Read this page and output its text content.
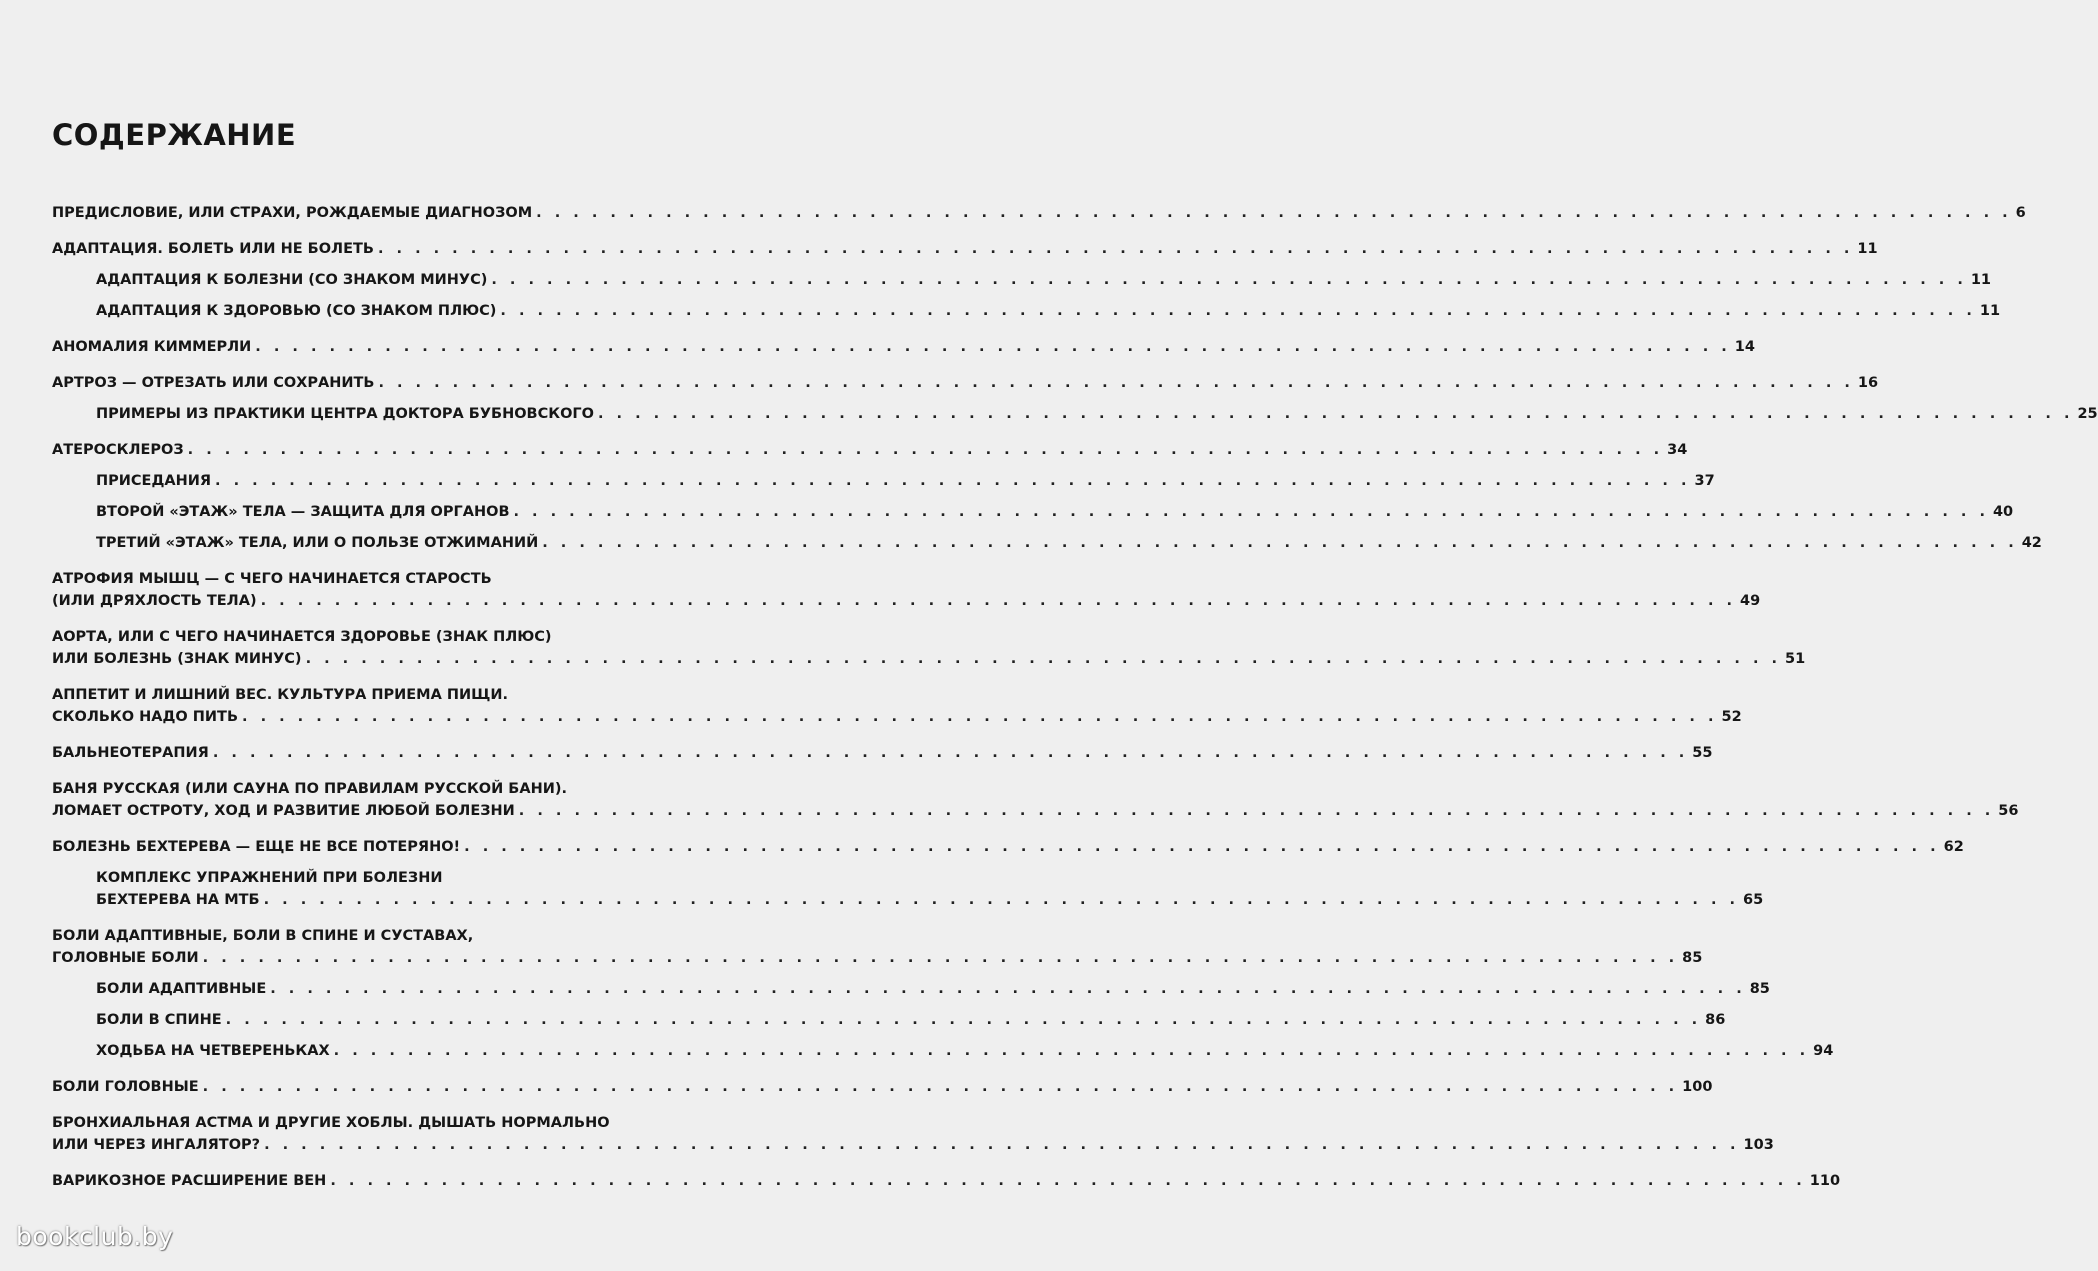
СОДЕРЖАНИЕ
ПРЕДИСЛОВИЕ, ИЛИ СТРАХИ, РОЖДАЕМЫЕ ДИАГНОЗОМ . . . . . . . . . . . . . . . . . . . . . . . . . . . . . . . . . . . . . . . . . . . . . . . . . . . . . . . . . . . . . . . . . . . . . . . . . . . . . . . . 6
АДАПТАЦИЯ. БОЛЕТЬ ИЛИ НЕ БОЛЕТЬ . . . . . . . . . . . . . . . . . . . . . . . . . . . . . . . . . . . . . . . . . . . . . . . . . . . . . . . . . . . . . . . . . . . . . . . . . . . . . . . . 11
АДАПТАЦИЯ К БОЛЕЗНИ (СО ЗНАКОМ МИНУС) . . . . . . . . . . . . . . . . . . . . . . . . . . . . . . . . . . . . . . . . . . . . . . . . . . . . . . . . . . . . . . . . . . . . . . . . . . . . . . . . 11
АДАПТАЦИЯ К ЗДОРОВЬЮ (СО ЗНАКОМ ПЛЮС) . . . . . . . . . . . . . . . . . . . . . . . . . . . . . . . . . . . . . . . . . . . . . . . . . . . . . . . . . . . . . . . . . . . . . . . . . . . . . . . . 11
АНОМАЛИЯ КИММЕРЛИ . . . . . . . . . . . . . . . . . . . . . . . . . . . . . . . . . . . . . . . . . . . . . . . . . . . . . . . . . . . . . . . . . . . . . . . . . . . . . . . . 14
АРТРОЗ — ОТРЕЗАТЬ ИЛИ СОХРАНИТЬ . . . . . . . . . . . . . . . . . . . . . . . . . . . . . . . . . . . . . . . . . . . . . . . . . . . . . . . . . . . . . . . . . . . . . . . . . . . . . . . . 16
ПРИМЕРЫ ИЗ ПРАКТИКИ ЦЕНТРА ДОКТОРА БУБНОВСКОГО . . . . . . . . . . . . . . . . . . . . . . . . . . . . . . . . . . . . . . . . . . . . . . . . . . . . . . . . . . . . . . . . . . . . . . . . . . . . . . . . 25
АТЕРОСКЛЕРОЗ . . . . . . . . . . . . . . . . . . . . . . . . . . . . . . . . . . . . . . . . . . . . . . . . . . . . . . . . . . . . . . . . . . . . . . . . . . . . . . . . 34
ПРИСЕДАНИЯ . . . . . . . . . . . . . . . . . . . . . . . . . . . . . . . . . . . . . . . . . . . . . . . . . . . . . . . . . . . . . . . . . . . . . . . . . . . . . . . . 37
ВТОРОЙ «ЭТАЖ» ТЕЛА — ЗАЩИТА ДЛЯ ОРГАНОВ . . . . . . . . . . . . . . . . . . . . . . . . . . . . . . . . . . . . . . . . . . . . . . . . . . . . . . . . . . . . . . . . . . . . . . . . . . . . . . . . 40
ТРЕТИЙ «ЭТАЖ» ТЕЛА, ИЛИ О ПОЛЬЗЕ ОТЖИМАНИЙ . . . . . . . . . . . . . . . . . . . . . . . . . . . . . . . . . . . . . . . . . . . . . . . . . . . . . . . . . . . . . . . . . . . . . . . . . . . . . . . . 42
АТРОФИЯ МЫШЦ — С ЧЕГО НАЧИНАЕТСЯ СТАРОСТЬ
(ИЛИ ДРЯХЛОСТЬ ТЕЛА) . . . . . . . . . . . . . . . . . . . . . . . . . . . . . . . . . . . . . . . . . . . . . . . . . . . . . . . . . . . . . . . . . . . . . . . . . . . . . . . . 49
АОРТА, ИЛИ С ЧЕГО НАЧИНАЕТСЯ ЗДОРОВЬЕ (ЗНАК ПЛЮС)
ИЛИ БОЛЕЗНЬ (ЗНАК МИНУС) . . . . . . . . . . . . . . . . . . . . . . . . . . . . . . . . . . . . . . . . . . . . . . . . . . . . . . . . . . . . . . . . . . . . . . . . . . . . . . . . 51
АППЕТИТ И ЛИШНИЙ ВЕС. КУЛЬТУРА ПРИЕМА ПИЩИ.
СКОЛЬКО НАДО ПИТЬ . . . . . . . . . . . . . . . . . . . . . . . . . . . . . . . . . . . . . . . . . . . . . . . . . . . . . . . . . . . . . . . . . . . . . . . . . . . . . . . . 52
БАЛЬНЕОТЕРАПИЯ . . . . . . . . . . . . . . . . . . . . . . . . . . . . . . . . . . . . . . . . . . . . . . . . . . . . . . . . . . . . . . . . . . . . . . . . . . . . . . . . 55
БАНЯ РУССКАЯ (ИЛИ САУНА ПО ПРАВИЛАМ РУССКОЙ БАНИ).
ЛОМАЕТ ОСТРОТУ, ХОД И РАЗВИТИЕ ЛЮБОЙ БОЛЕЗНИ . . . . . . . . . . . . . . . . . . . . . . . . . . . . . . . . . . . . . . . . . . . . . . . . . . . . . . . . . . . . . . . . . . . . . . . . . . . . . . . . 56
БОЛЕЗНЬ БЕХТЕРЕВА — ЕЩЕ НЕ ВСЕ ПОТЕРЯНО! . . . . . . . . . . . . . . . . . . . . . . . . . . . . . . . . . . . . . . . . . . . . . . . . . . . . . . . . . . . . . . . . . . . . . . . . . . . . . . . . 62
КОМПЛЕКС УПРАЖНЕНИЙ ПРИ БОЛЕЗНИ
БЕХТЕРЕВА НА МТБ . . . . . . . . . . . . . . . . . . . . . . . . . . . . . . . . . . . . . . . . . . . . . . . . . . . . . . . . . . . . . . . . . . . . . . . . . . . . . . . . 65
БОЛИ АДАПТИВНЫЕ, БОЛИ В СПИНЕ И СУСТАВАХ,
ГОЛОВНЫЕ БОЛИ . . . . . . . . . . . . . . . . . . . . . . . . . . . . . . . . . . . . . . . . . . . . . . . . . . . . . . . . . . . . . . . . . . . . . . . . . . . . . . . . 85
БОЛИ АДАПТИВНЫЕ . . . . . . . . . . . . . . . . . . . . . . . . . . . . . . . . . . . . . . . . . . . . . . . . . . . . . . . . . . . . . . . . . . . . . . . . . . . . . . . . 85
БОЛИ В СПИНЕ . . . . . . . . . . . . . . . . . . . . . . . . . . . . . . . . . . . . . . . . . . . . . . . . . . . . . . . . . . . . . . . . . . . . . . . . . . . . . . . . 86
ХОДЬБА НА ЧЕТВЕРЕНЬКАХ . . . . . . . . . . . . . . . . . . . . . . . . . . . . . . . . . . . . . . . . . . . . . . . . . . . . . . . . . . . . . . . . . . . . . . . . . . . . . . . . 94
БОЛИ ГОЛОВНЫЕ . . . . . . . . . . . . . . . . . . . . . . . . . . . . . . . . . . . . . . . . . . . . . . . . . . . . . . . . . . . . . . . . . . . . . . . . . . . . . . . . 100
БРОНХИАЛЬНАЯ АСТМА И ДРУГИЕ ХОБЛЫ. ДЫШАТЬ НОРМАЛЬНО
ИЛИ ЧЕРЕЗ ИНГАЛЯТОР? . . . . . . . . . . . . . . . . . . . . . . . . . . . . . . . . . . . . . . . . . . . . . . . . . . . . . . . . . . . . . . . . . . . . . . . . . . . . . . . . 103
ВАРИКОЗНОЕ РАСШИРЕНИЕ ВЕН . . . . . . . . . . . . . . . . . . . . . . . . . . . . . . . . . . . . . . . . . . . . . . . . . . . . . . . . . . . . . . . . . . . . . . . . . . . . . . . . 110
bookclub.by
